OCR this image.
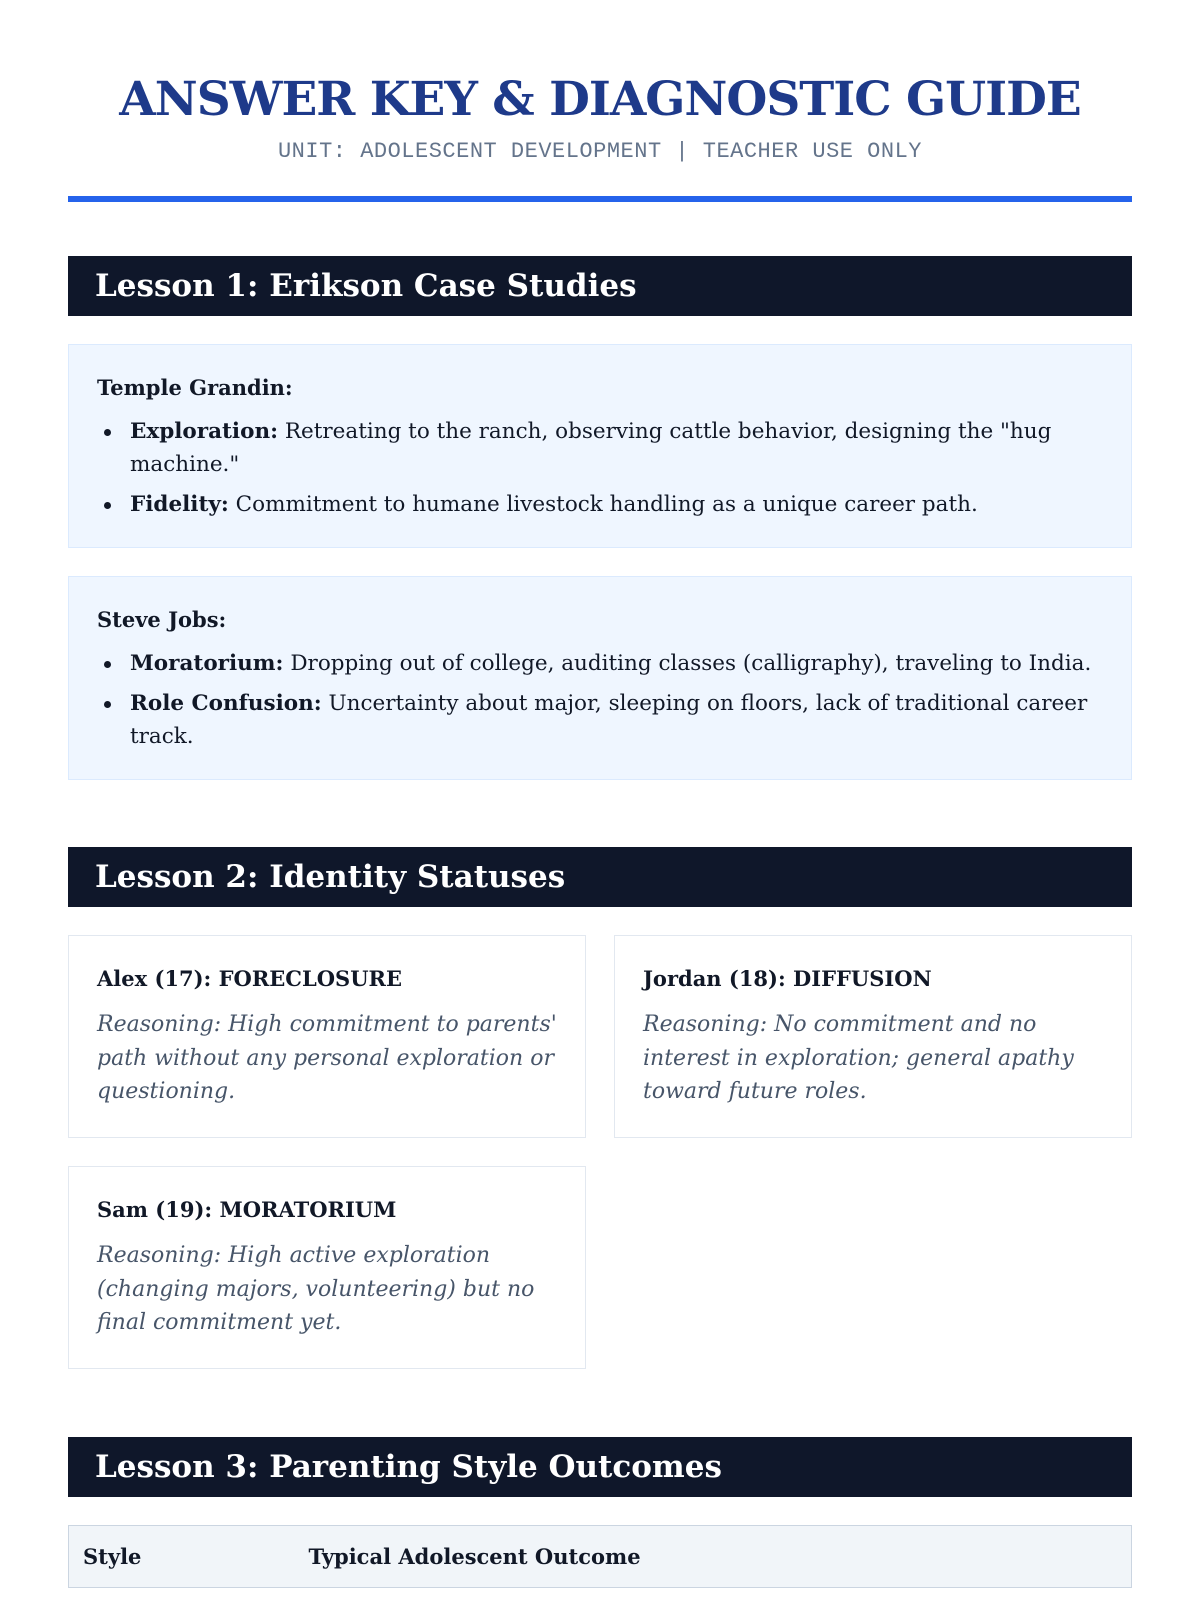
ANSWER KEY & DIAGNOSTIC GUIDE
UNIT: ADOLESCENT DEVELOPMENT | TEACHER USE ONLY
Lesson 1: Erikson Case Studies
Temple Grandin:
Exploration: Retreating to the ranch, observing cattle behavior, designing the "hug machine."
Fidelity: Commitment to humane livestock handling as a unique career path.
Steve Jobs:
Moratorium: Dropping out of college, auditing classes (calligraphy), traveling to India.
Role Confusion: Uncertainty about major, sleeping on floors, lack of traditional career track.
Lesson 2: Identity Statuses
Alex (17): FORECLOSURE
Reasoning: High commitment to parents' path without any personal exploration or questioning.
Jordan (18): DIFFUSION
Reasoning: No commitment and no interest in exploration; general apathy toward future roles.
Sam (19): MORATORIUM
Reasoning: High active exploration (changing majors, volunteering) but no final commitment yet.
Lesson 3: Parenting Style Outcomes
Style	Typical Adolescent Outcome
